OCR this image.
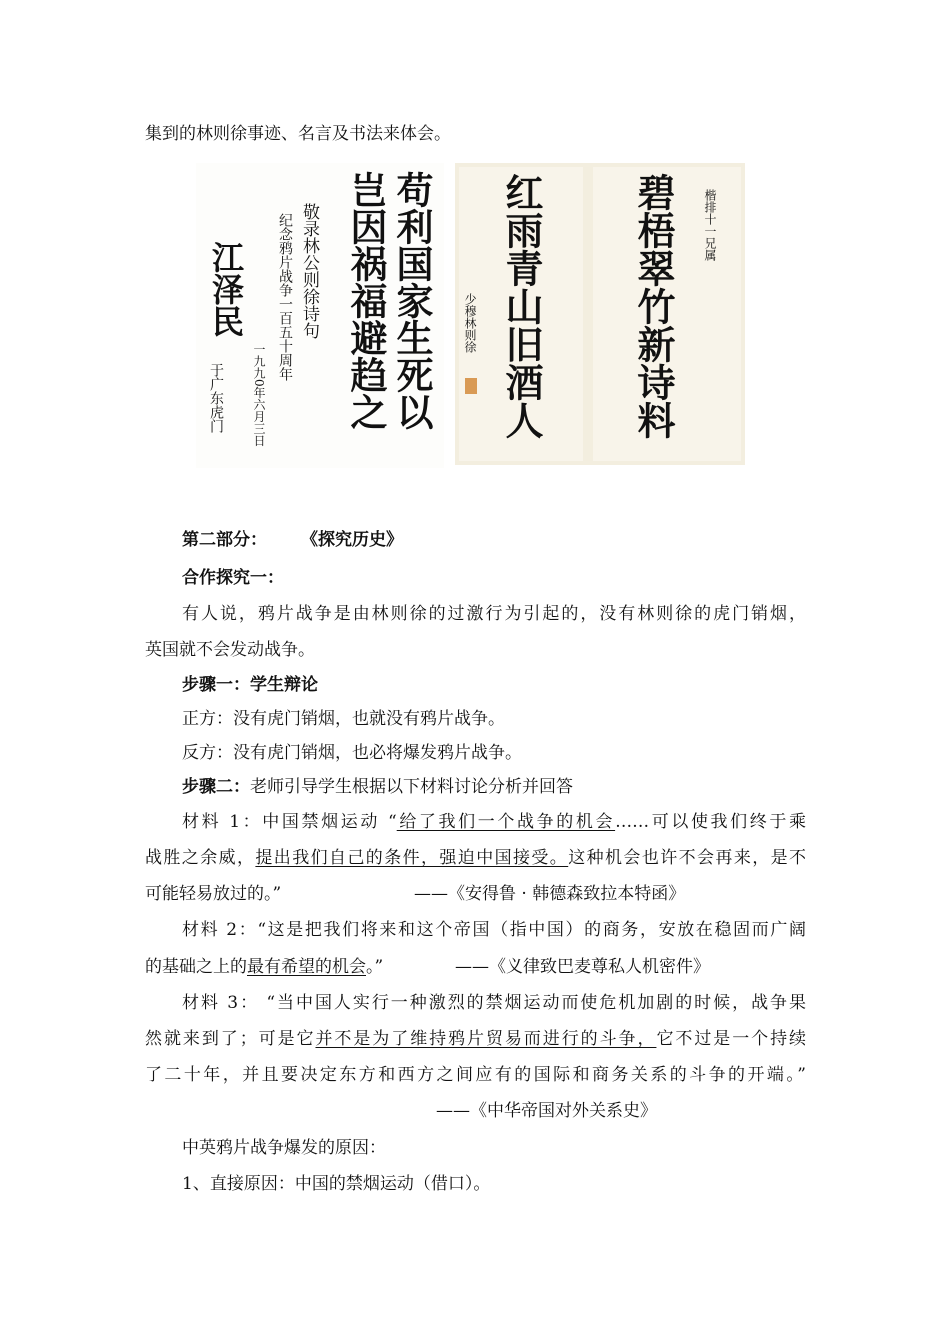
集到的林则徐事迹、名言及书法来体会。
苟利国家生死以
岂因祸福避趋之
敬录林公则徐诗句
纪念鸦片战争一百五十周年
江泽民
一九九0年六月三日
于广东虎门	红雨青山旧酒人
少穆林则徐	碧梧翠竹新诗料 楷排十一兄属
第二部分： 《探究历史》
合作探究一：
有人说，鸦片战争是由林则徐的过激行为引起的，没有林则徐的虎门销烟，
英国就不会发动战争。
步骤一：学生辩论
正方：没有虎门销烟，也就没有鸦片战争。
反方：没有虎门销烟，也必将爆发鸦片战争。
步骤二：老师引导学生根据以下材料讨论分析并回答
材料 1：中国禁烟运动 “给了我们一个战争的机会……可以使我们终于乘
战胜之余威，提出我们自己的条件，强迫中国接受。这种机会也许不会再来，是不
可能轻易放过的。”	——《安得鲁 · 韩德森致拉本特函》
材料 2：“这是把我们将来和这个帝国（指中国）的商务，安放在稳固而广阔
的基础之上的最有希望的机会。”	——《义律致巴麦尊私人机密件》
材料 3： “当中国人实行一种激烈的禁烟运动而使危机加剧的时候，战争果
然就来到了；可是它并不是为了维持鸦片贸易而进行的斗争，它不过是一个持续
了二十年，并且要决定东方和西方之间应有的国际和商务关系的斗争的开端。”
——《中华帝国对外关系史》
中英鸦片战争爆发的原因：
1、直接原因：中国的禁烟运动（借口）。
